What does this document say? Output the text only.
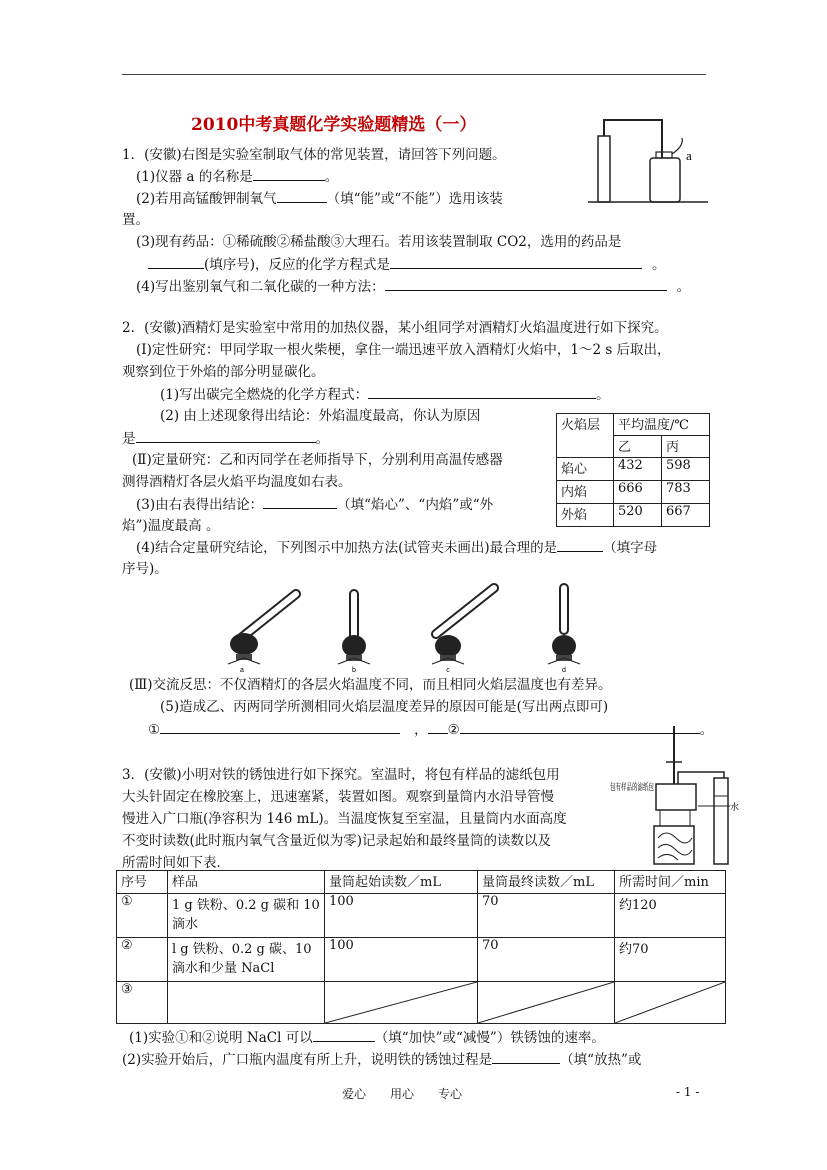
2010中考真题化学实验题精选（一）
a
1．(安徽)右图是实验室制取气体的常见装置，请回答下列问题。
(1)仪器 a 的名称是	。
(2)若用高锰酸钾制氧气	（填“能”或“不能”）选用该装
置。
(3)现有药品：①稀硫酸②稀盐酸③大理石。若用该装置制取 CO2，选用的药品是
(填序号)，反应的化学方程式是	。
(4)写出鉴别氧气和二氧化碳的一种方法：	。
2．(安徽)酒精灯是实验室中常用的加热仪器，某小组同学对酒精灯火焰温度进行如下探究。
(Ⅰ)定性研究：甲同学取一根火柴梗，拿住一端迅速平放入酒精灯火焰中，1～2 s 后取出，
观察到位于外焰的部分明显碳化。
(1)写出碳完全燃烧的化学方程式：	。
(2) 由上述现象得出结论：外焰温度最高，你认为原因
是	。
(Ⅱ)定量研究：乙和丙同学在老师指导下，分别利用高温传感器
测得酒精灯各层火焰平均温度如右表。
(3)由右表得出结论：	（填“焰心”、“内焰”或“外
焰”)温度最高 。
火焰层	平均温度/℃	
	乙	丙
焰心	432	598
内焰	666	783
外焰	520	667
(4)结合定量研究结论，下列图示中加热方法(试管夹未画出)最合理的是	（填字母
序号)。
a	b	c	d
(Ⅲ)交流反思：不仅酒精灯的各层火焰温度不同，而且相同火焰层温度也有差异。
(5)造成乙、丙两同学所测相同火焰层温度差异的原因可能是(写出两点即可)
①	， ②	。
3．(安徽)小明对铁的锈蚀进行如下探究。室温时，将包有样品的滤纸包用
大头针固定在橡胶塞上，迅速塞紧，装置如图。观察到量筒内水沿导管慢
慢进入广口瓶(净容积为 146 mL)。当温度恢复至室温，且量筒内水面高度
不变时读数(此时瓶内氧气含量近似为零)记录起始和最终量筒的读数以及
所需时间如下表．
包有样品的滤纸包
水
序号	样品	量筒起始读数／mL	量筒最终读数／mL	所需时间／min
①	1 g 铁粉、0.2 g 碳和 10
滴水	100	70	约120
②	l g 铁粉、0.2 g 碳、10
滴水和少量 NaCl	100	70	约70
③		

(1)实验①和②说明 NaCl 可以	（填“加快”或“减慢”）铁锈蚀的速率。
(2)实验开始后，广口瓶内温度有所上升，说明铁的锈蚀过程是	（填“放热”或
爱心　　用心　　专心	- 1 -
